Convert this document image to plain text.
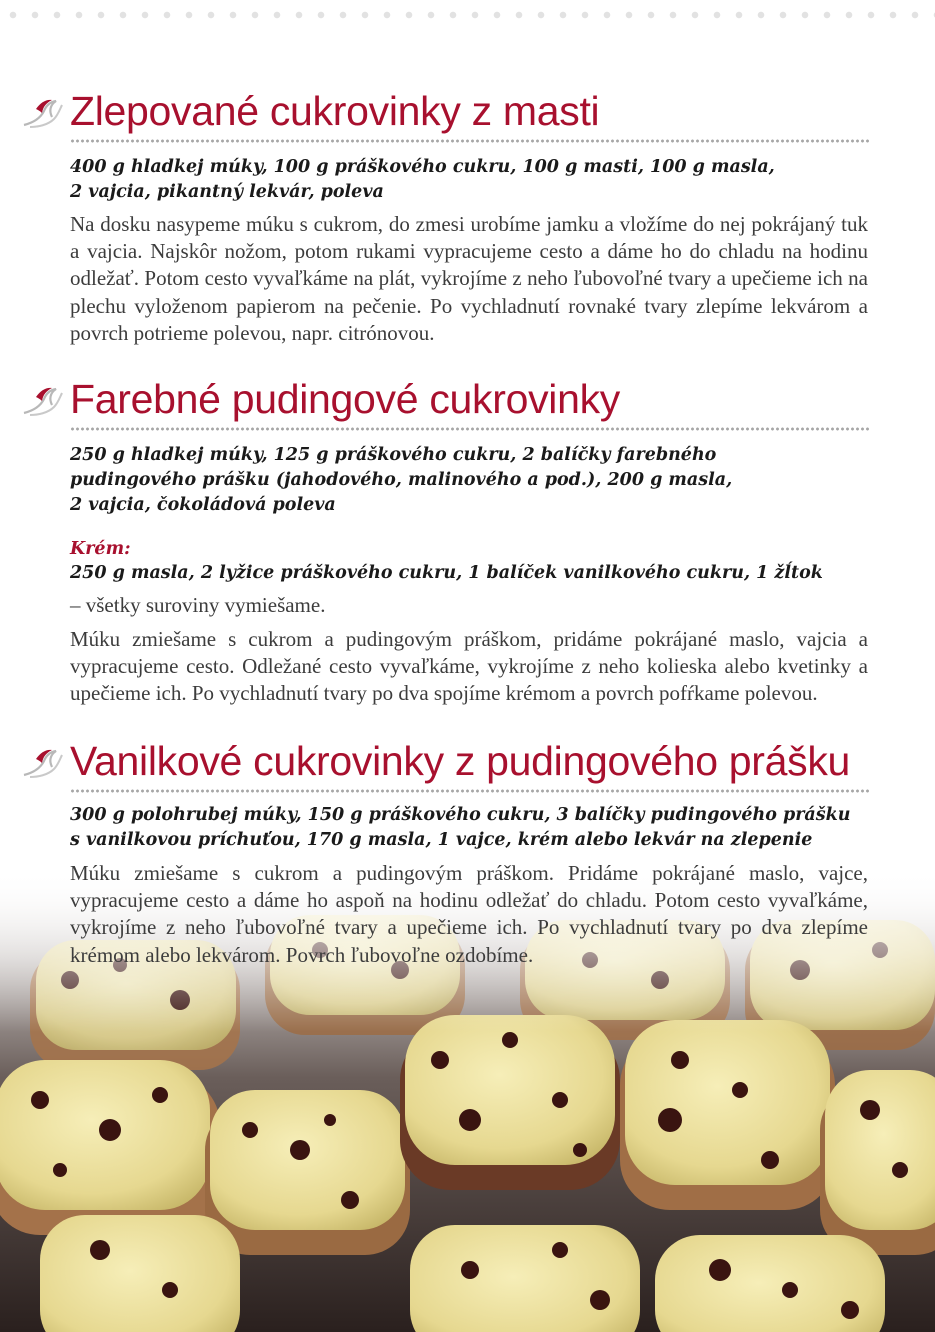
Zlepované cukrovinky z masti
400 g hladkej múky, 100 g práškového cukru, 100 g masti, 100 g masla,
2 vajcia, pikantný lekvár, poleva
Na dosku nasypeme múku s cukrom, do zmesi urobíme jamku a vložíme do nej pokrájaný tuk a vajcia. Najskôr nožom, potom rukami vypracujeme cesto a dáme ho do chladu na hodinu odležať. Potom cesto vyvaľkáme na plát, vykrojíme z neho ľubovoľné tvary a upečieme ich na plechu vyloženom papierom na pečenie. Po vychladnutí rovnaké tvary zlepíme lekvárom a povrch potrieme polevou, napr. citrónovou.
Farebné pudingové cukrovinky
250 g hladkej múky, 125 g práškového cukru, 2 balíčky farebného
pudingového prášku (jahodového, malinového a pod.), 200 g masla,
2 vajcia, čokoládová poleva
Krém:
250 g masla, 2 lyžice práškového cukru, 1 balíček vanilkového cukru, 1 žĺtok
– všetky suroviny vymiešame.
Múku zmiešame s cukrom a pudingovým práškom, pridáme pokrájané maslo, vajcia a vypracujeme cesto. Odležané cesto vyvaľkáme, vykrojíme z neho kolieska alebo kvetinky a upečieme ich. Po vychladnutí tvary po dva spojíme krémom a povrch pofŕkame polevou.
Vanilkové cukrovinky z pudingového prášku
300 g polohrubej múky, 150 g práškového cukru, 3 balíčky pudingového prášku
s vanilkovou príchuťou, 170 g masla, 1 vajce, krém alebo lekvár na zlepenie
Múku zmiešame s cukrom a pudingovým práškom. Pridáme pokrájané maslo, vajce, vypracujeme cesto a dáme ho aspoň na hodinu odležať do chladu. Potom cesto vyvaľkáme, vykrojíme z neho ľubovoľné tvary a upečieme ich. Po vychladnutí tvary po dva zlepíme krémom alebo lekvárom. Povrch ľubovoľne ozdobíme.
